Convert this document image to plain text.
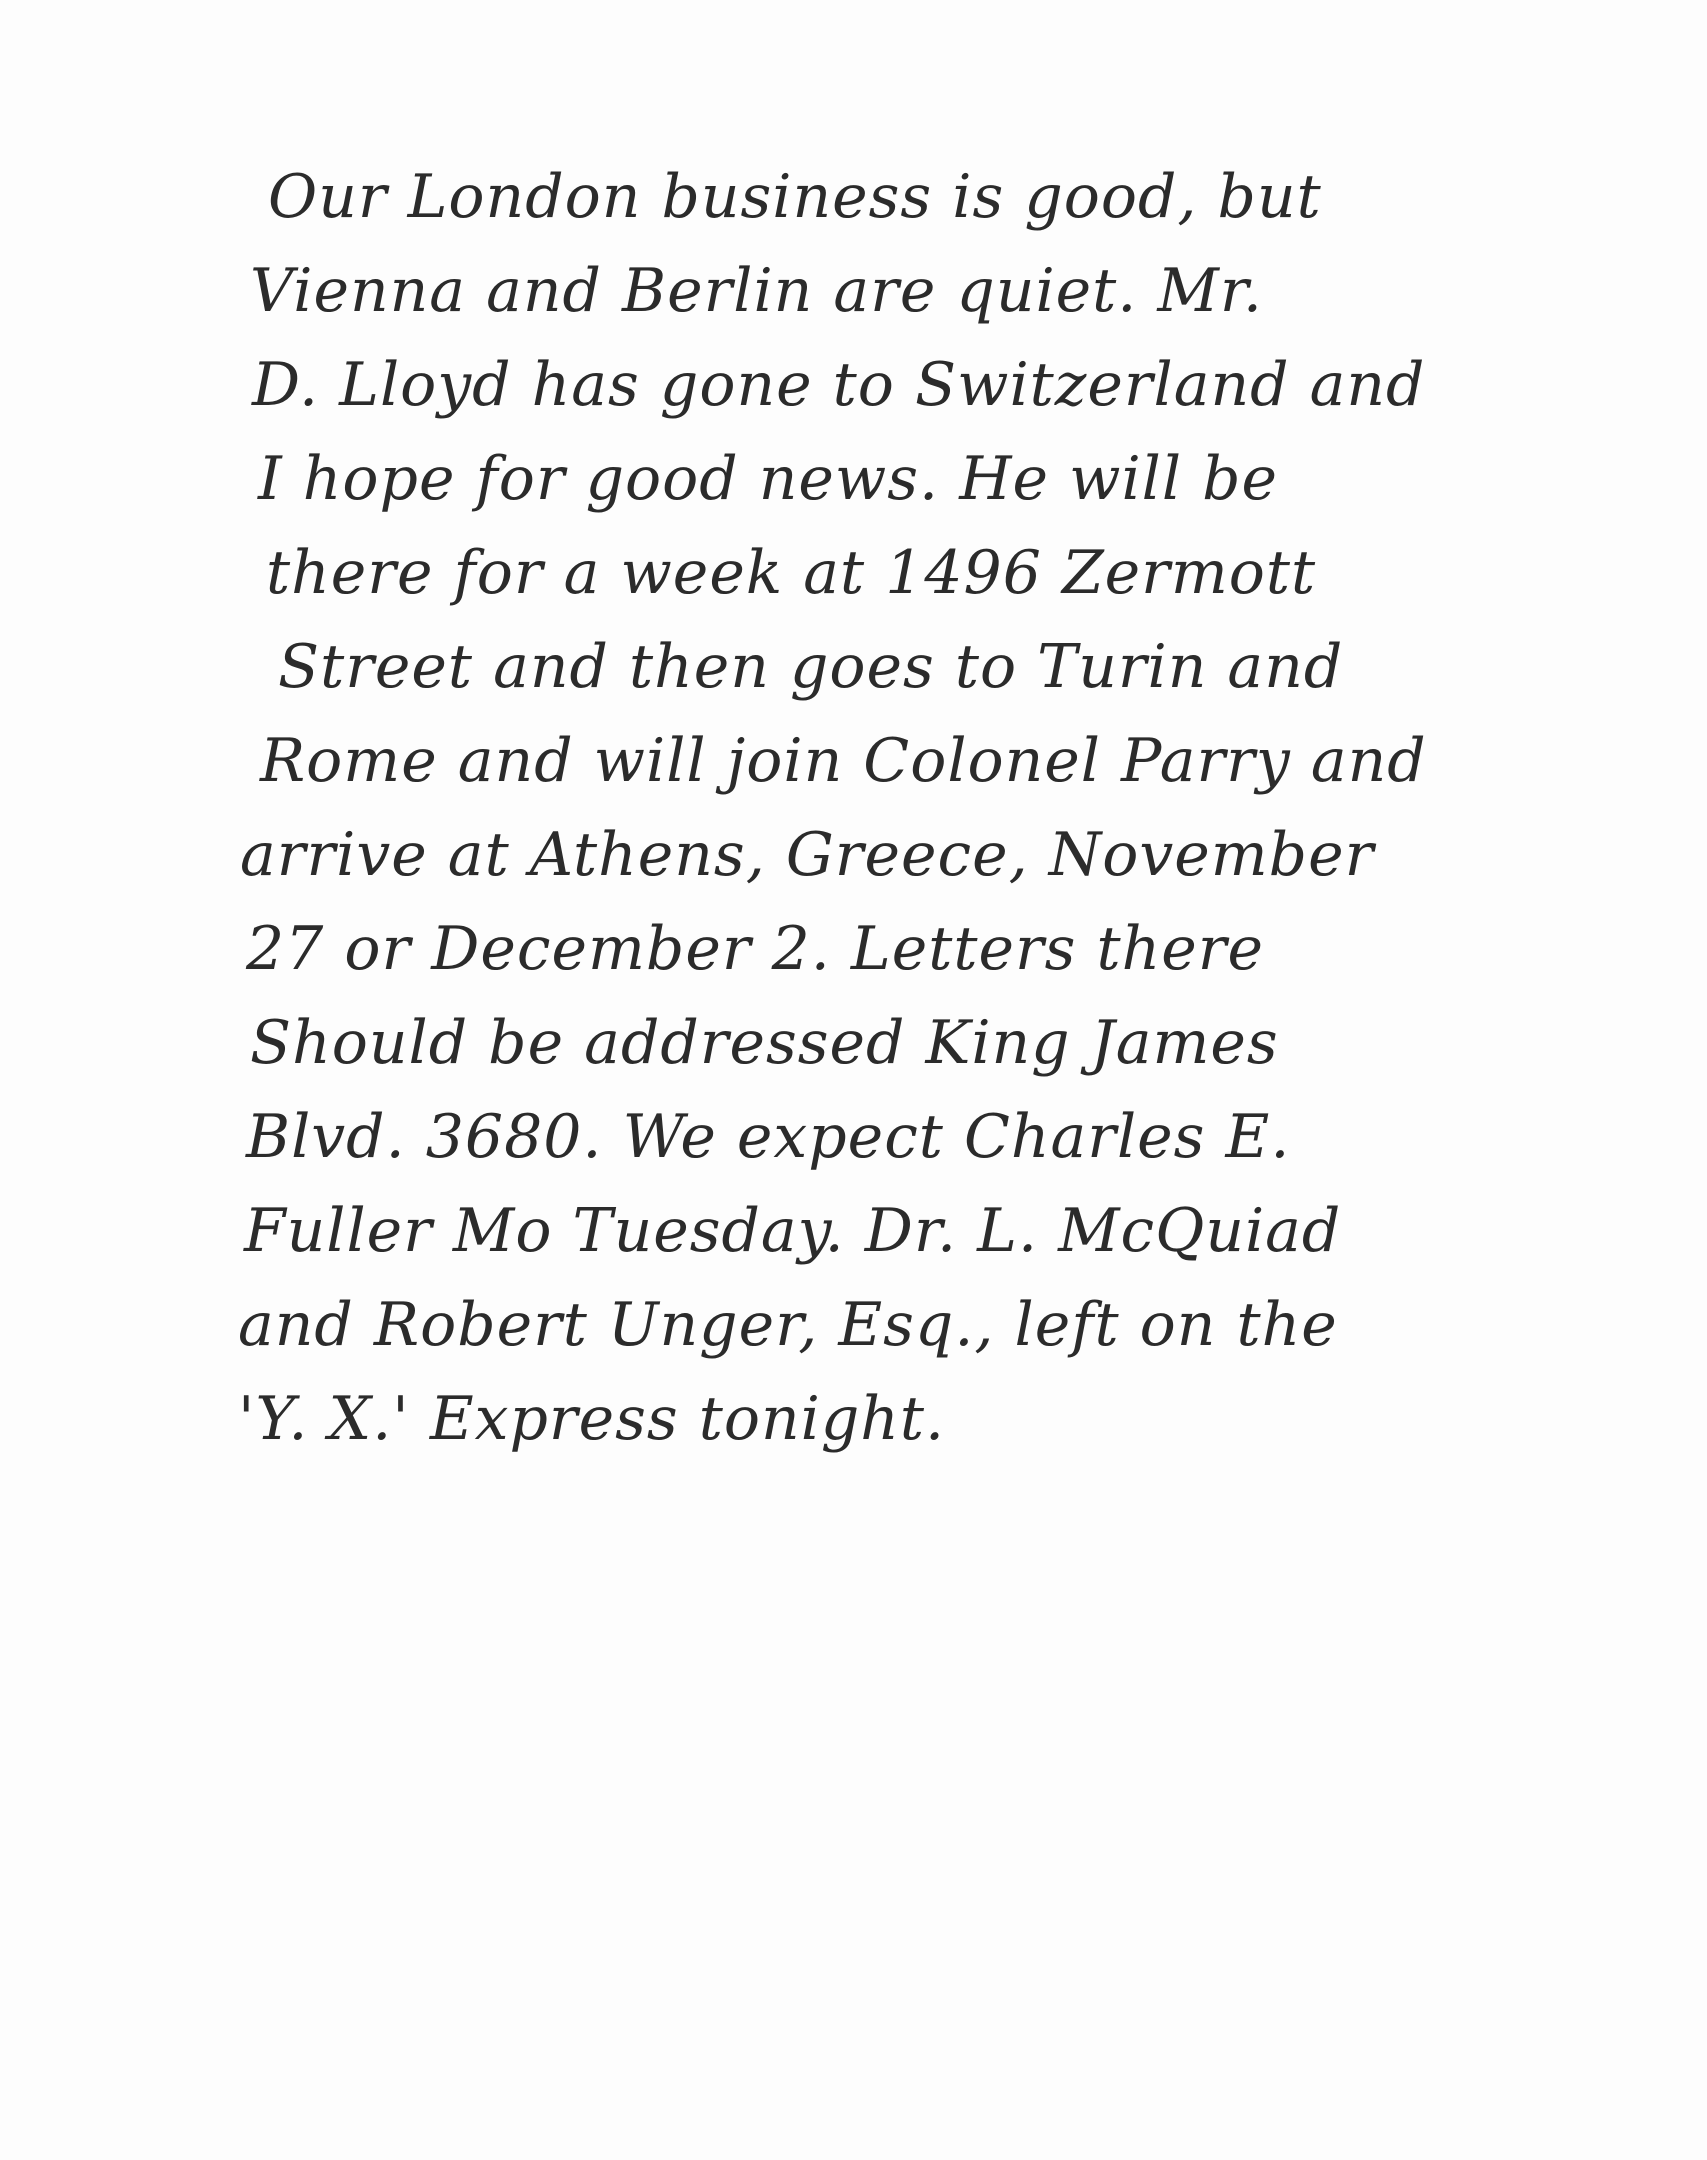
Our London business is good, but
Vienna and Berlin are quiet. Mr.
D. Lloyd has gone to Switzerland and
I hope for good news. He will be
there for a week at 1496 Zermott
Street and then goes to Turin and
Rome and will join Colonel Parry and
arrive at Athens, Greece, November
27 or December 2. Letters there
Should be addressed King James
Blvd. 3680. We expect Charles E.
Fuller Mo Tuesday. Dr. L. McQuiad
and Robert Unger, Esq., left on the
'Y. X.' Express tonight.
